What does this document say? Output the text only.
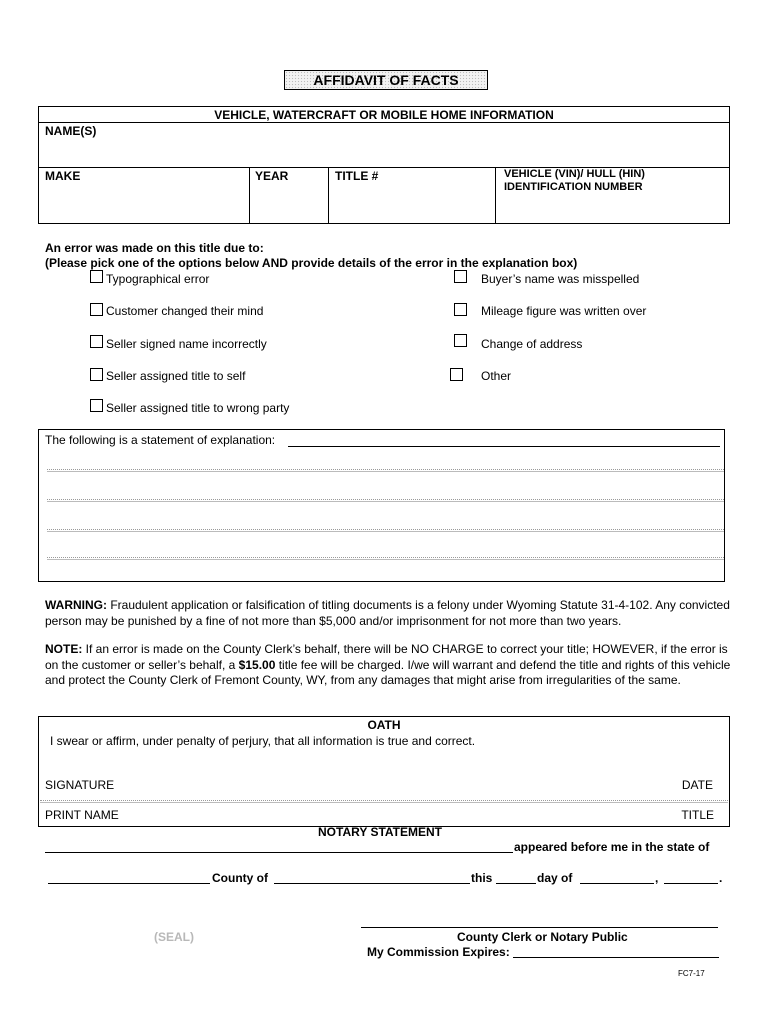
AFFIDAVIT OF FACTS
VEHICLE, WATERCRAFT OR MOBILE HOME INFORMATION
NAME(S)
MAKE	YEAR	TITLE #	VEHICLE (VIN)/ HULL (HIN)
IDENTIFICATION NUMBER
An error was made on this title due to:
(Please pick one of the options below AND provide details of the error in the explanation box)
Typographical error
Customer changed their mind
Seller signed name incorrectly
Seller assigned title to self
Seller assigned title to wrong party
Buyer’s name was misspelled
Mileage figure was written over
Change of address
Other
The following is a statement of explanation:
WARNING: Fraudulent application or falsification of titling documents is a felony under Wyoming Statute 31-4-102. Any convicted person may be punished by a fine of not more than $5,000 and/or imprisonment for not more than two years.
NOTE: If an error is made on the County Clerk’s behalf, there will be NO CHARGE to correct your title; HOWEVER, if the error is on the customer or seller’s behalf, a $15.00 title fee will be charged. I/we will warrant and defend the title and rights of this vehicle and protect the County Clerk of Fremont County, WY, from any damages that might arise from irregularities of the same.
OATH
I swear or affirm, under penalty of perjury, that all information is true and correct.
SIGNATURE	DATE
PRINT NAME	TITLE
NOTARY STATEMENT
appeared before me in the state of
County of	this	day of	,	.
(SEAL)	County Clerk or Notary Public
My Commission Expires:
FC7-17
